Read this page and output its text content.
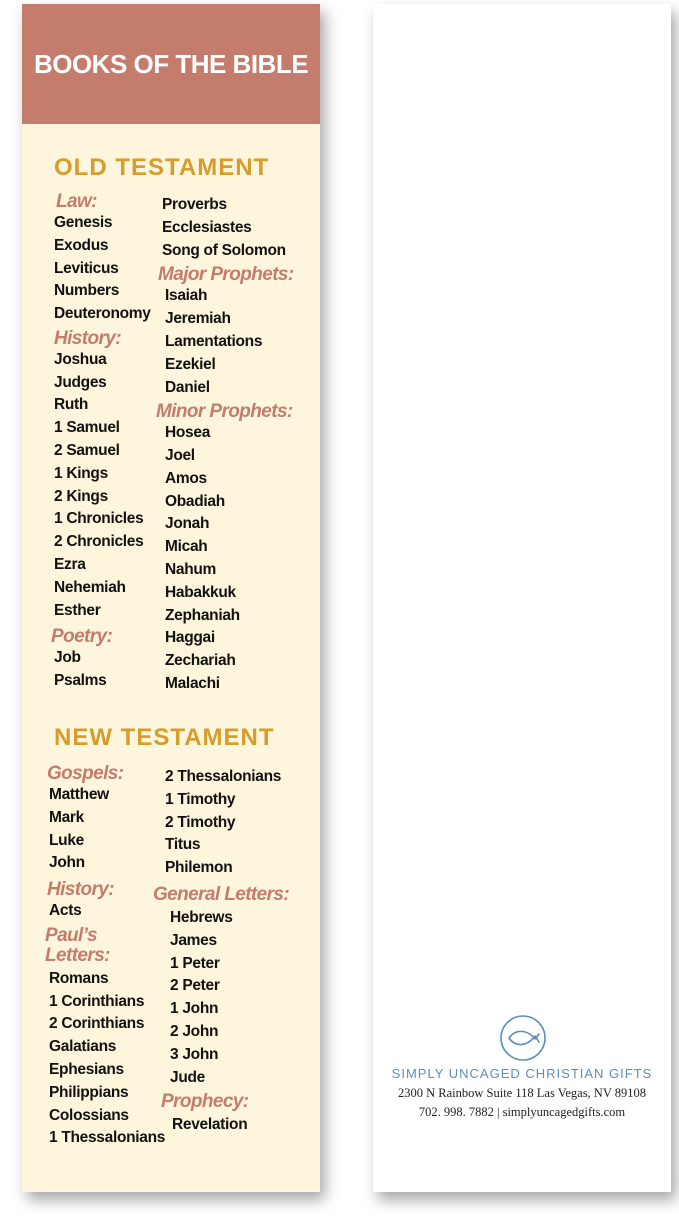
BOOKS OF THE BIBLE
OLD TESTAMENT
Law:
Genesis
Exodus
Leviticus
Numbers
Deuteronomy
History:
Joshua
Judges
Ruth
1 Samuel
2 Samuel
1 Kings
2 Kings
1 Chronicles
2 Chronicles
Ezra
Nehemiah
Esther
Poetry:
Job
Psalms
Proverbs
Ecclesiastes
Song of Solomon
Major Prophets:
Isaiah
Jeremiah
Lamentations
Ezekiel
Daniel
Minor Prophets:
Hosea
Joel
Amos
Obadiah
Jonah
Micah
Nahum
Habakkuk
Zephaniah
Haggai
Zechariah
Malachi
NEW TESTAMENT
Gospels:
Matthew
Mark
Luke
John
History:
Acts
Paul’s Letters:
Romans
1 Corinthians
2 Corinthians
Galatians
Ephesians
Philippians
Colossians
1 Thessalonians
2 Thessalonians
1 Timothy
2 Timothy
Titus
Philemon
General Letters:
Hebrews
James
1 Peter
2 Peter
1 John
2 John
3 John
Jude
Prophecy:
Revelation
SIMPLY UNCAGED CHRISTIAN GIFTS
2300 N Rainbow Suite 118 Las Vegas, NV 89108
702. 998. 7882 | simplyuncagedgifts.com
